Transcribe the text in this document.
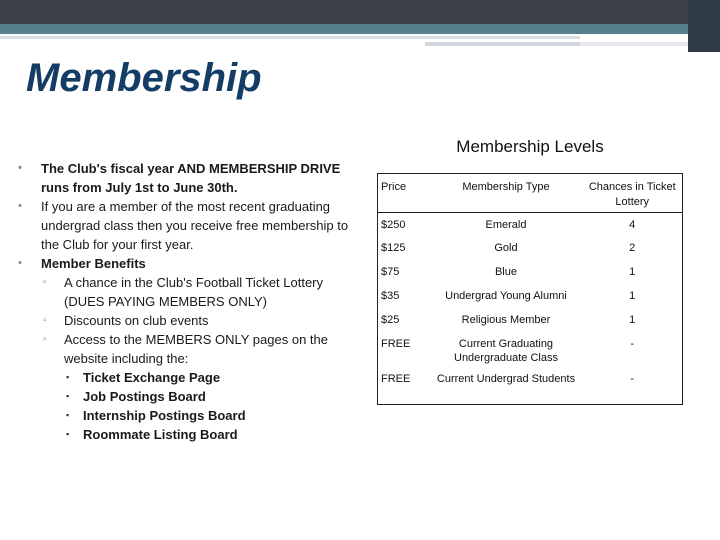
Membership
Membership Levels
• The Club's fiscal year AND MEMBERSHIP DRIVE runs from July 1st to June 30th.
• If you are a member of the most recent graduating undergrad class then you receive free membership to the Club for your first year.
• Member Benefits
▫ A chance in the Club's Football Ticket Lottery (DUES PAYING MEMBERS ONLY)
▫ Discounts on club events
▫ Access to the MEMBERS ONLY pages on the website including the:
▪ Ticket Exchange Page
▪ Job Postings Board
▪ Internship Postings Board
▪ Roommate Listing Board
Price	Membership Type	Chances in Ticket Lottery
$250	Emerald	4
$125	Gold	2
$75	Blue	1
$35	Undergrad Young Alumni	1
$25	Religious Member	1
FREE	Current Graduating Undergraduate Class	-
FREE	Current Undergrad Students	-
